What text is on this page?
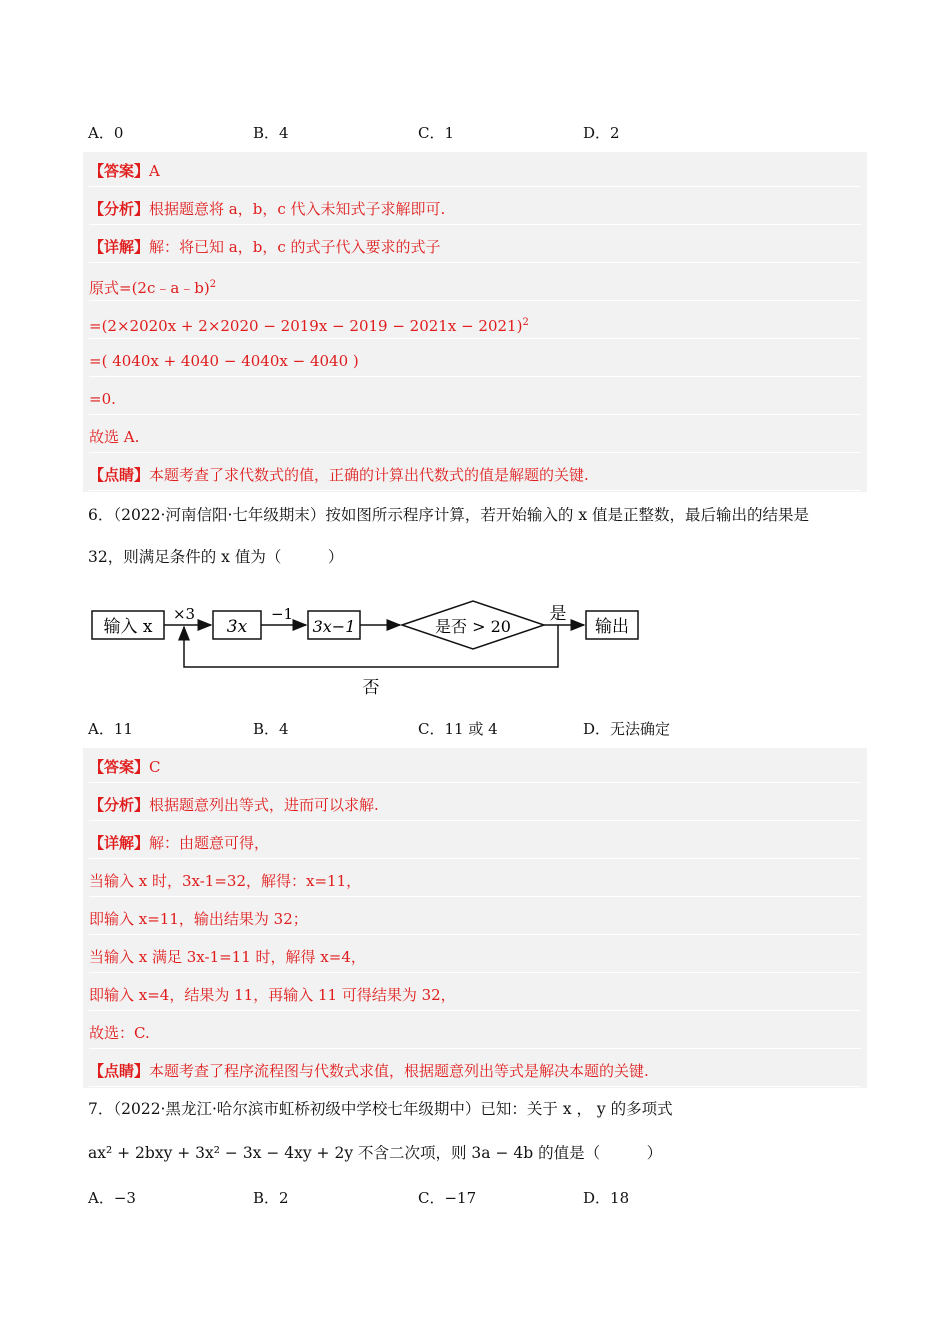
A．0	B．4	C．1	D．2
【答案】A
【分析】根据题意将 a，b，c 代入未知式子求解即可.
【详解】解：将已知 a，b，c 的式子代入要求的式子
原式=(2c﹣a﹣b)$^2$
$=(2\times 2020x + 2\times 2020 - 2019x - 2019 - 2021x - 2021)^2$
=( 4040x + 4040 − 4040x − 4040 )
=0.
故选 A.
【点睛】本题考查了求代数式的值，正确的计算出代数式的值是解题的关键.
6．（2022·河南信阳·七年级期末）按如图所示程序计算，若开始输入的 x 值是正整数，最后输出的结果是
32，则满足条件的 x 值为（　　　）
输入 x
×3
3x
−1
3x−1	是否 > 20
是
输出
否
A．11	B．4	C．11 或 4	D．无法确定
【答案】C
【分析】根据题意列出等式，进而可以求解.
【详解】解：由题意可得，
当输入 x 时，3x-1=32，解得：x=11，
即输入 x=11，输出结果为 32；
当输入 x 满足 3x-1=11 时，解得 x=4，
即输入 x=4，结果为 11，再输入 11 可得结果为 32，
故选：C.
【点睛】本题考查了程序流程图与代数式求值，根据题意列出等式是解决本题的关键.
7．（2022·黑龙江·哈尔滨市虹桥初级中学校七年级期中）已知：关于 x ， y 的多项式
ax² + 2bxy + 3x² − 3x − 4xy + 2y 不含二次项，则 3a − 4b 的值是（　　　）
A．−3	B．2	C．−17	D．18
